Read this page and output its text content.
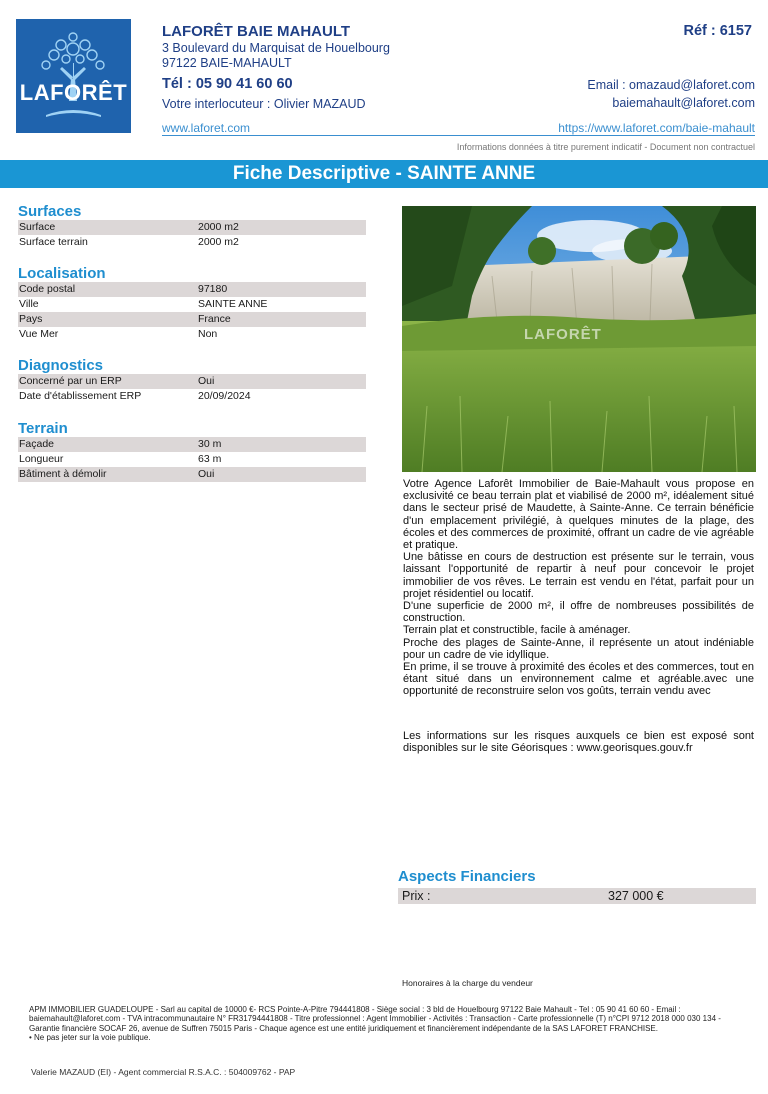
LAFORÊT
LAFORÊT BAIE MAHAULT
3 Boulevard du Marquisat de Houelbourg
97122 BAIE-MAHAULT
Tél : 05 90 41 60 60
Votre interlocuteur : Olivier MAZAUD
Réf : 6157
Email : omazaud@laforet.com
baiemahault@laforet.com
www.laforet.com	https://www.laforet.com/baie-mahault
Informations données à titre purement indicatif - Document non contractuel
Fiche Descriptive - SAINTE ANNE
Surfaces
Surface	2000 m2
Surface terrain	2000 m2
Localisation
Code postal	97180
Ville	SAINTE ANNE
Pays	France
Vue Mer	Non
Diagnostics
Concerné par un ERP	Oui
Date d'établissement ERP	20/09/2024
Terrain
Façade	30 m
Longueur	63 m
Bâtiment à démolir	Oui
LAFORÊT

Votre Agence Laforêt Immobilier de Baie-Mahault vous propose en exclusivité ce beau terrain plat et viabilisé de 2000 m², idéalement situé dans le secteur prisé de Maudette, à Sainte-Anne. Ce terrain bénéficie d'un emplacement privilégié, à quelques minutes de la plage, des écoles et des commerces de proximité, offrant un cadre de vie agréable et pratique.

Une bâtisse en cours de destruction est présente sur le terrain, vous laissant l'opportunité de repartir à neuf pour concevoir le projet immobilier de vos rêves. Le terrain est vendu en l'état, parfait pour un projet résidentiel ou locatif.

D'une superficie de 2000 m², il offre de nombreuses possibilités de construction.

Terrain plat et constructible, facile à aménager.

Proche des plages de Sainte-Anne, il représente un atout indéniable pour un cadre de vie idyllique.

En prime, il se trouve à proximité des écoles et des commerces, tout en étant situé dans un environnement calme et agréable.avec une opportunité de reconstruire selon vos goûts, terrain vendu avec

Les informations sur les risques auxquels ce bien est exposé sont disponibles sur le site Géorisques : www.georisques.gouv.fr
Aspects Financiers
Prix :	327 000 €
Honoraires à la charge du vendeur
APM IMMOBILIER GUADELOUPE - Sarl au capital de 10000 €- RCS Pointe-A-Pitre 794441808 - Siège social : 3 bld de Houelbourg 97122 Baie Mahault - Tel : 05 90 41 60 60 - Email : baiemahault@laforet.com - TVA intracommunautaire N° FR31794441808 - Titre professionnel : Agent Immobilier - Activités : Transaction - Carte professionnelle (T) n°CPI 9712 2018 000 030 134 - Garantie financière SOCAF 26, avenue de Suffren 75015 Paris - Chaque agence est une entité juridiquement et financièrement indépendante de la SAS LAFORET FRANCHISE.
• Ne pas jeter sur la voie publique.
Valerie MAZAUD (EI) - Agent commercial R.S.A.C. : 504009762 - PAP
